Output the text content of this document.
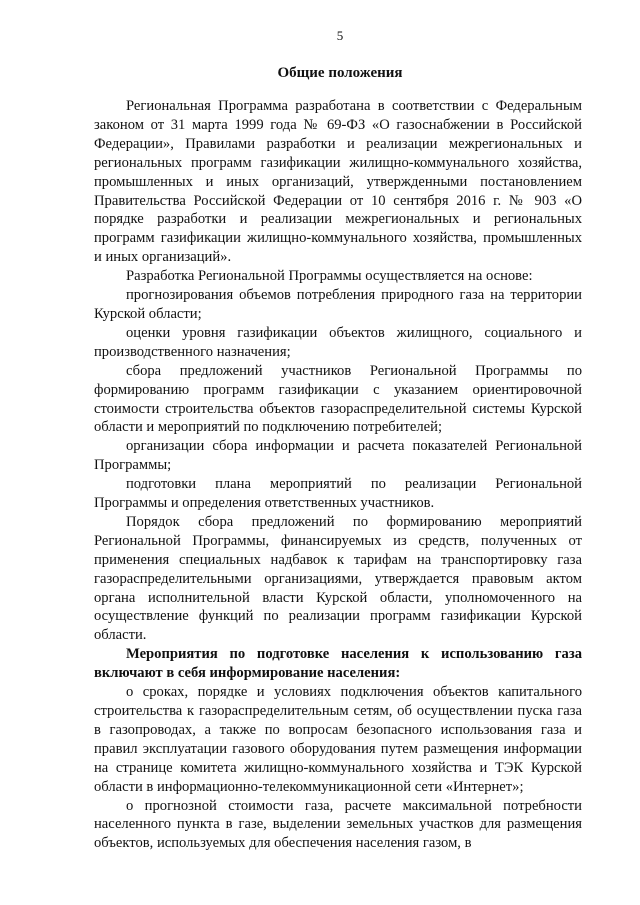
5
Общие положения

Региональная Программа разработана в соответствии с Федеральным законом от 31 марта 1999 года № 69-ФЗ «О газоснабжении в Российской Федерации», Правилами разработки и реализации межрегиональных и региональных программ газификации жилищно-коммунального хозяйства, промышленных и иных организаций, утвержденными постановлением Правительства Российской Федерации от 10 сентября 2016 г. № 903 «О порядке разработки и реализации межрегиональных и региональных программ газификации жилищно-коммунального хозяйства, промышленных и иных организаций».

Разработка Региональной Программы осуществляется на основе:

прогнозирования объемов потребления природного газа на территории Курской области;

оценки уровня газификации объектов жилищного, социального и производственного назначения;

сбора предложений участников Региональной Программы по формированию программ газификации с указанием ориентировочной стоимости строительства объектов газораспределительной системы Курской области и мероприятий по подключению потребителей;

организации сбора информации и расчета показателей Региональной Программы;

подготовки плана мероприятий по реализации Региональной Программы и определения ответственных участников.

Порядок сбора предложений по формированию мероприятий Региональной Программы, финансируемых из средств, полученных от применения специальных надбавок к тарифам на транспортировку газа газораспределительными организациями, утверждается правовым актом органа исполнительной власти Курской области, уполномоченного на осуществление функций по реализации программ газификации Курской области.

Мероприятия по подготовке населения к использованию газа включают в себя информирование населения:

о сроках, порядке и условиях подключения объектов капитального строительства к газораспределительным сетям, об осуществлении пуска газа в газопроводах, а также по вопросам безопасного использования газа и правил эксплуатации газового оборудования путем размещения информации на странице комитета жилищно-коммунального хозяйства и ТЭК Курской области в информационно-телекоммуникационной сети «Интернет»;

о прогнозной стоимости газа, расчете максимальной потребности населенного пункта в газе, выделении земельных участков для размещения объектов, используемых для обеспечения населения газом, в
